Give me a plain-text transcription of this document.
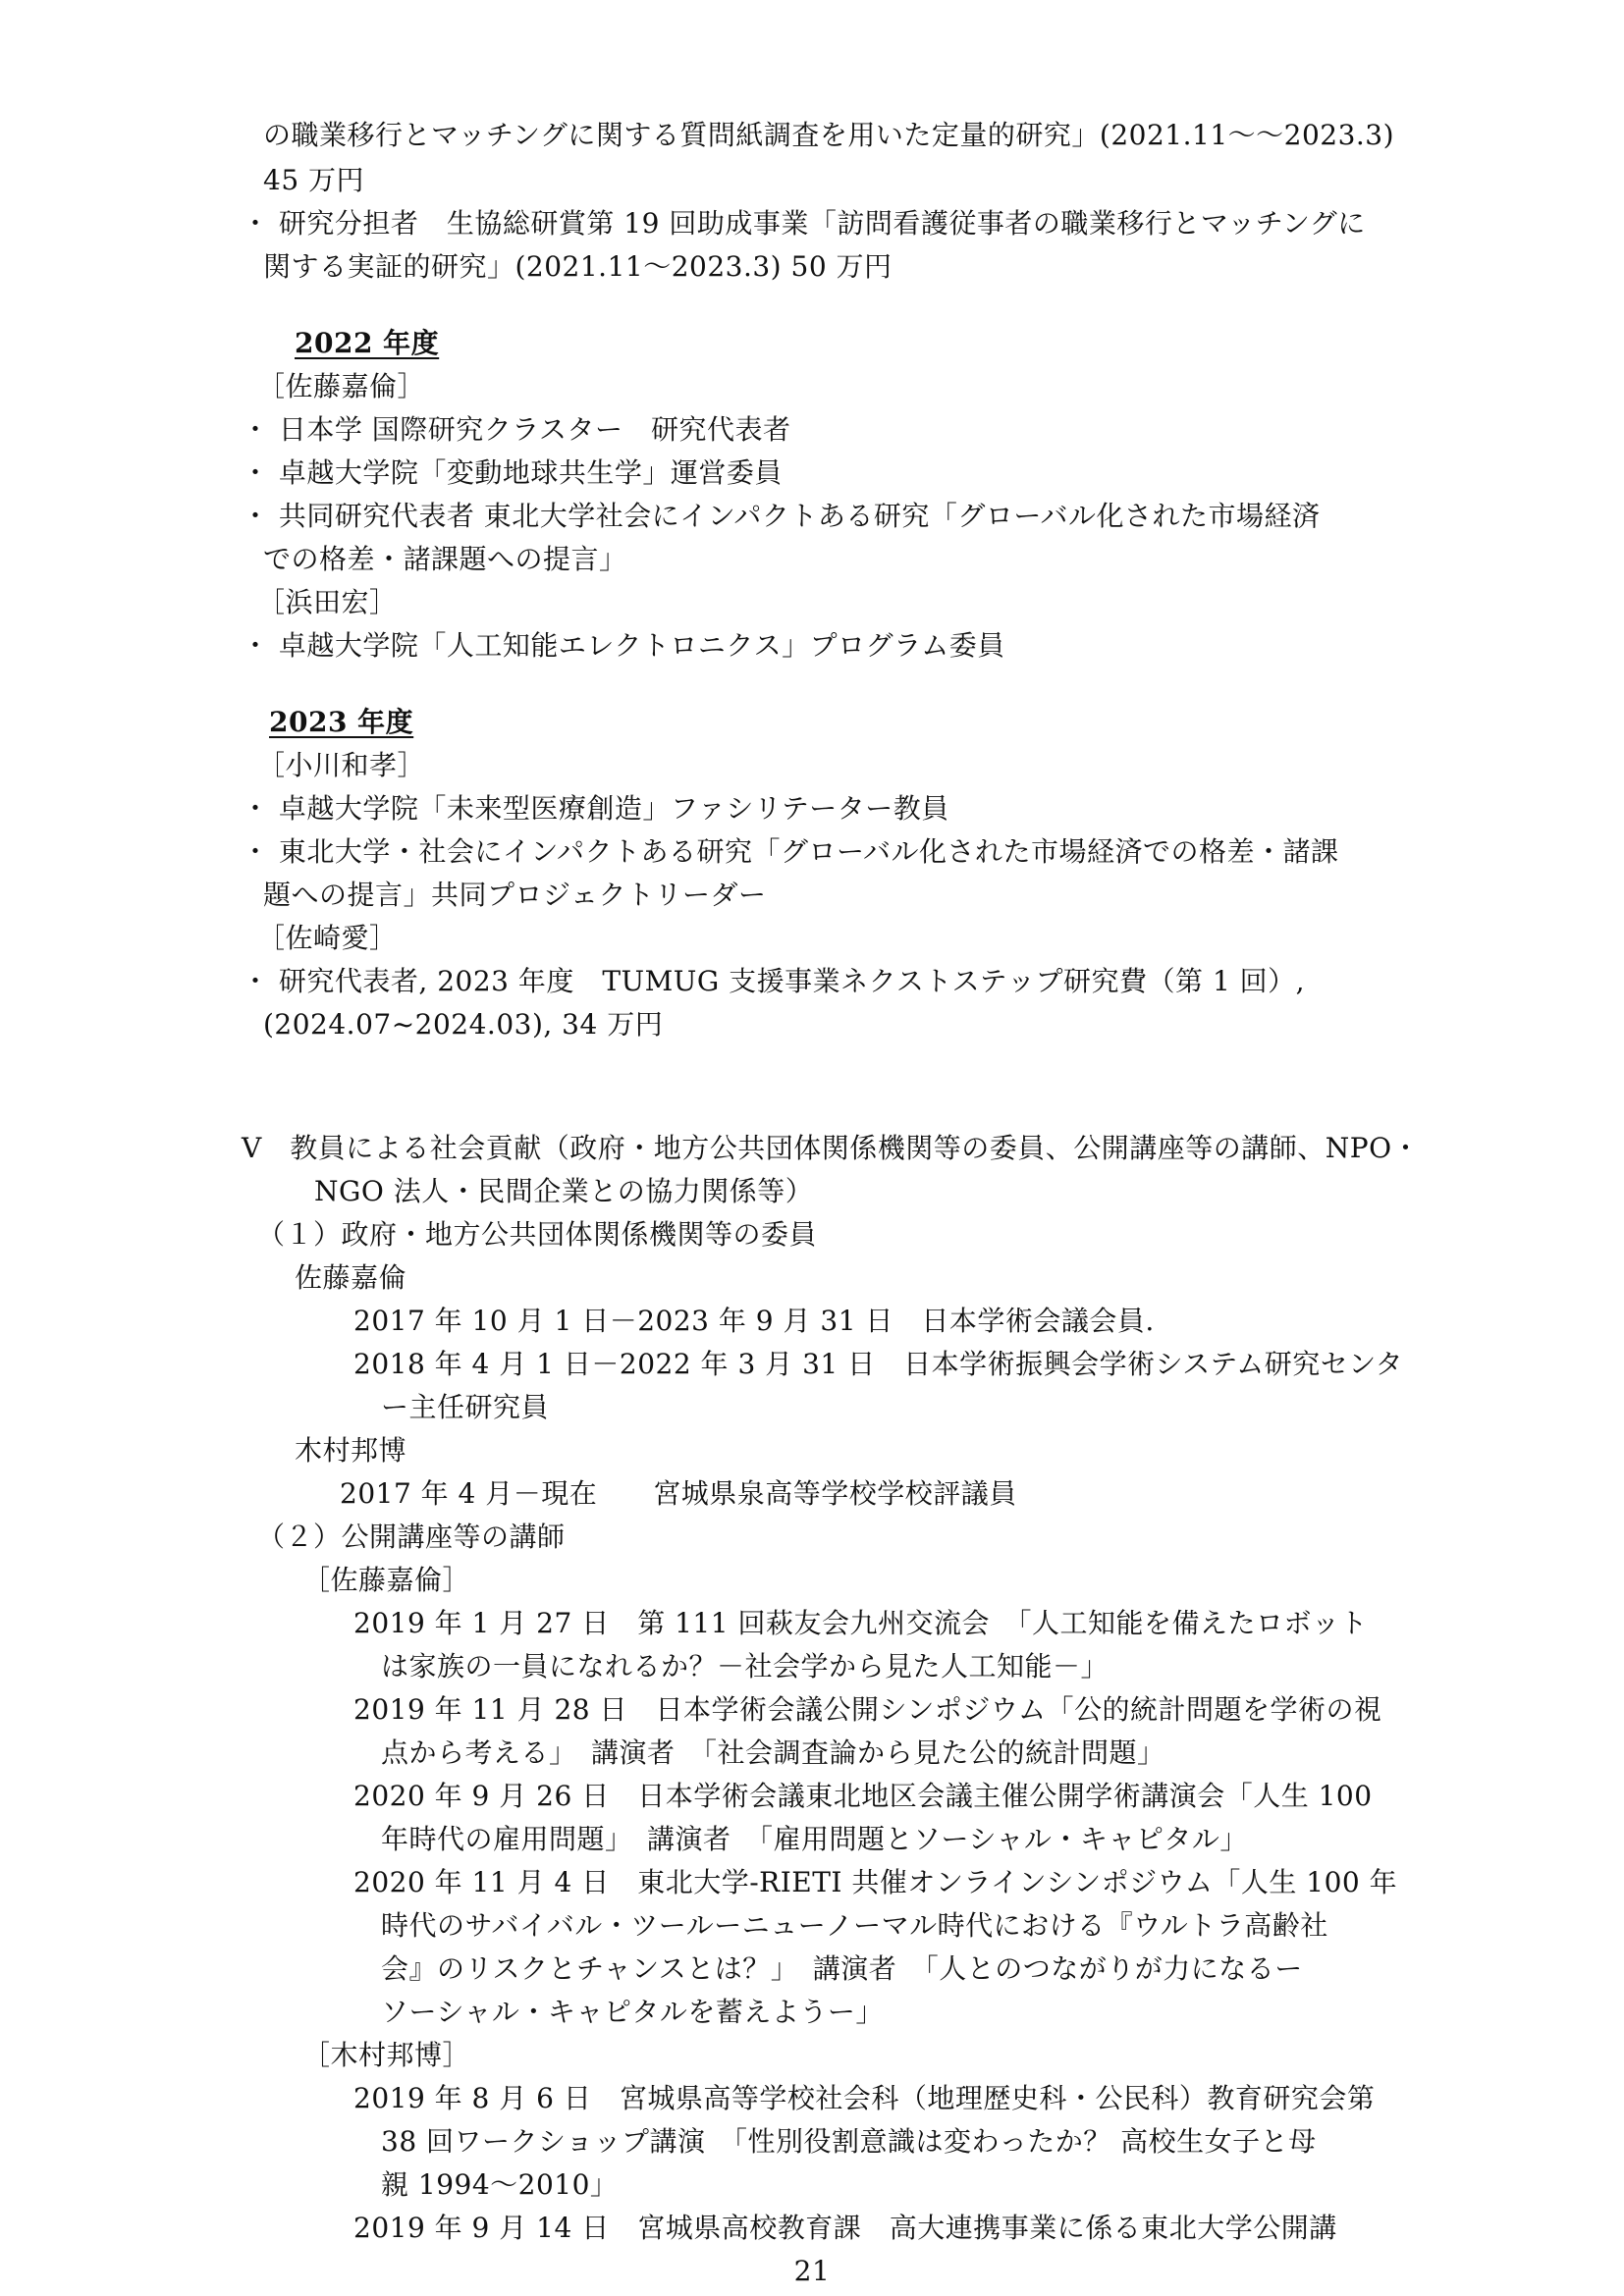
の職業移行とマッチングに関する質問紙調査を用いた定量的研究」(2021.11～～2023.3)
45 万円
・ 研究分担者　生協総研賞第 19 回助成事業「訪問看護従事者の職業移行とマッチングに
関する実証的研究」(2021.11～2023.3) 50 万円
2022 年度
［佐藤嘉倫］
・ 日本学 国際研究クラスター　研究代表者
・ 卓越大学院「変動地球共生学」運営委員
・ 共同研究代表者 東北大学社会にインパクトある研究「グローバル化された市場経済
での格差・諸課題への提言」
［浜田宏］
・ 卓越大学院「人工知能エレクトロニクス」プログラム委員
2023 年度
［小川和孝］
・ 卓越大学院「未来型医療創造」ファシリテーター教員
・ 東北大学・社会にインパクトある研究「グローバル化された市場経済での格差・諸課
題への提言」共同プロジェクトリーダー
［佐崎愛］
・ 研究代表者, 2023 年度　TUMUG 支援事業ネクストステップ研究費（第 1 回）,
(2024.07~2024.03), 34 万円
V　教員による社会貢献（政府・地方公共団体関係機関等の委員、公開講座等の講師、NPO・
NGO 法人・民間企業との協力関係等）
（１）政府・地方公共団体関係機関等の委員
佐藤嘉倫
2017 年 10 月 1 日－2023 年 9 月 31 日　日本学術会議会員.
2018 年 4 月 1 日－2022 年 3 月 31 日　日本学術振興会学術システム研究センタ
ー主任研究員
木村邦博
2017 年 4 月－現在　　宮城県泉高等学校学校評議員
（２）公開講座等の講師
［佐藤嘉倫］
2019 年 1 月 27 日　第 111 回萩友会九州交流会　「人工知能を備えたロボット
は家族の一員になれるか？－社会学から見た人工知能－」
2019 年 11 月 28 日　日本学術会議公開シンポジウム「公的統計問題を学術の視
点から考える」　講演者　「社会調査論から見た公的統計問題」
2020 年 9 月 26 日　日本学術会議東北地区会議主催公開学術講演会「人生 100
年時代の雇用問題」　講演者　「雇用問題とソーシャル・キャピタル」
2020 年 11 月 4 日　東北大学-RIETI 共催オンラインシンポジウム「人生 100 年
時代のサバイバル・ツールーニューノーマル時代における『ウルトラ高齢社
会』のリスクとチャンスとは？」　講演者　「人とのつながりが力になるー
ソーシャル・キャピタルを蓄えようー」
［木村邦博］
2019 年 8 月 6 日　宮城県高等学校社会科（地理歴史科・公民科）教育研究会第
38 回ワークショップ講演　「性別役割意識は変わったか？ 高校生女子と母
親 1994～2010」
2019 年 9 月 14 日　宮城県高校教育課　高大連携事業に係る東北大学公開講
21
